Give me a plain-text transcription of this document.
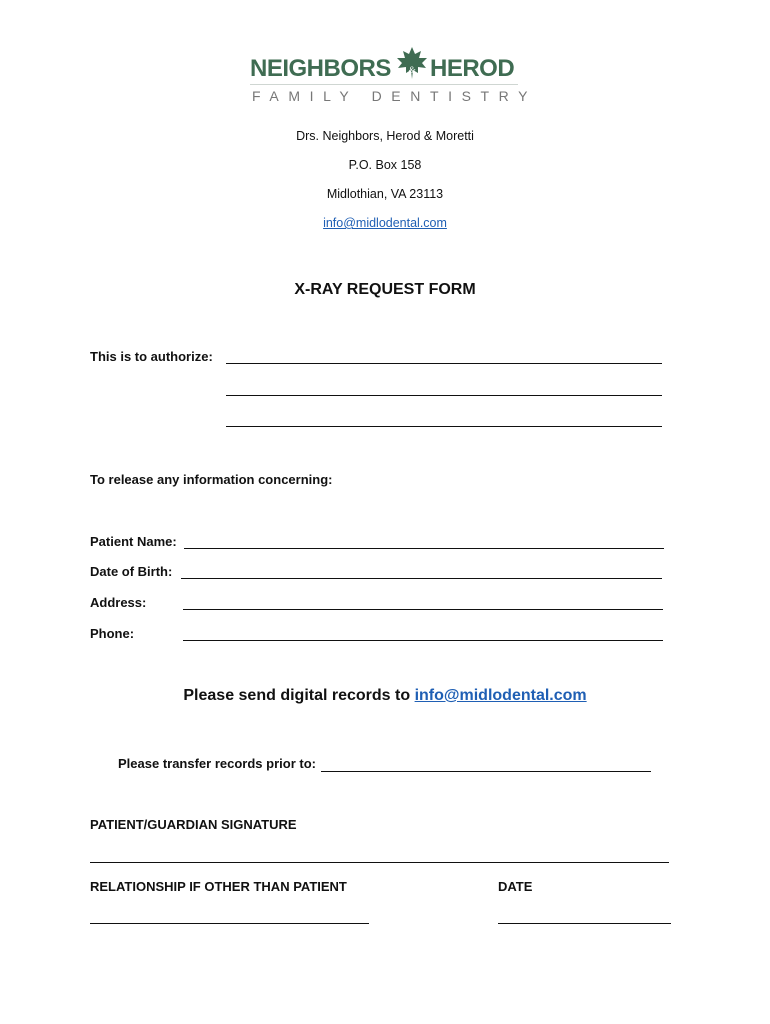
NEIGHBORS & HEROD
FAMILY DENTISTRY
Drs. Neighbors, Herod & Moretti
P.O. Box 158
Midlothian, VA 23113
info@midlodental.com
X-RAY REQUEST FORM
This is to authorize:
To release any information concerning:
Patient Name:
Date of Birth:
Address:
Phone:
Please send digital records to info@midlodental.com
Please transfer records prior to:
PATIENT/GUARDIAN SIGNATURE
RELATIONSHIP IF OTHER THAN PATIENT	DATE
